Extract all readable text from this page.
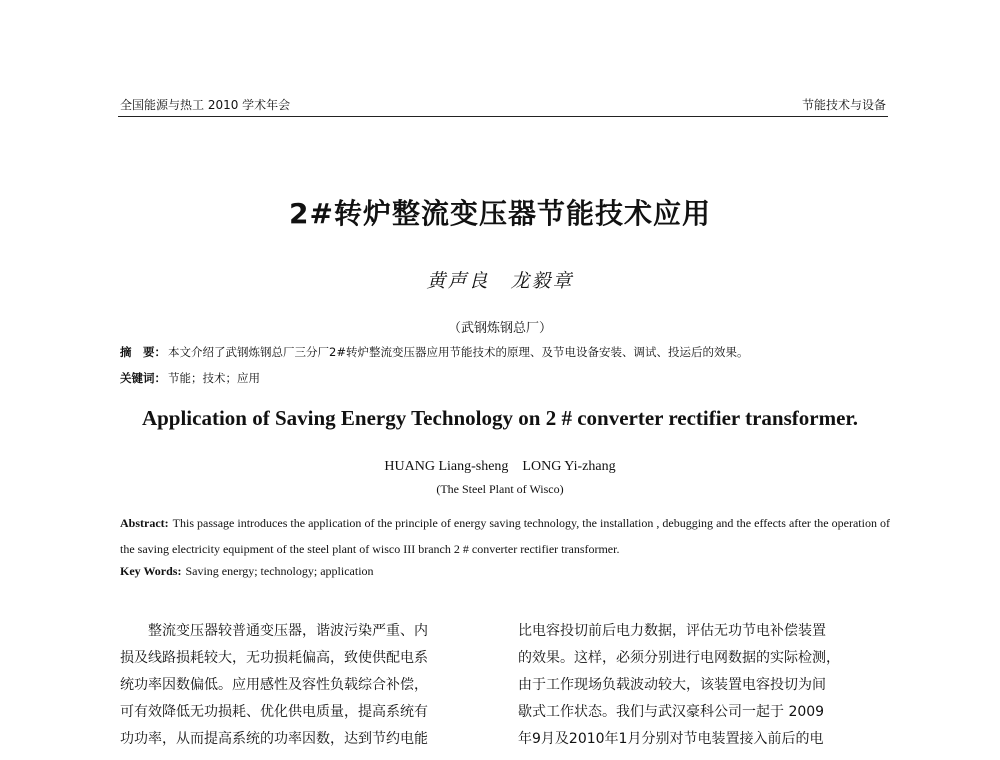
全国能源与热工 2010 学术年会	节能技术与设备
2#转炉整流变压器节能技术应用
黄声良　龙毅章
（武钢炼钢总厂）
摘　要： 本文介绍了武钢炼钢总厂三分厂2#转炉整流变压器应用节能技术的原理、及节电设备安装、调试、投运后的效果。
关键词： 节能；技术；应用
Application of Saving Energy Technology on 2 # converter rectifier transformer.
HUANG Liang-sheng　LONG Yi-zhang
(The Steel Plant of Wisco)
Abstract: This passage introduces the application of the principle of energy saving technology, the installation , debugging and the effects after the operation of the saving electricity equipment of the steel plant of wisco III branch 2 # converter rectifier transformer.
Key Words: Saving energy; technology; application

　　整流变压器较普通变压器，谐波污染严重、内
损及线路损耗较大，无功损耗偏高，致使供配电系
统功率因数偏低。应用感性及容性负载综合补偿，
可有效降低无功损耗、优化供电质量，提高系统有
功功率，从而提高系统的功率因数，达到节约电能

比电容投切前后电力数据，评估无功节电补偿装置
的效果。这样，必须分别进行电网数据的实际检测，
由于工作现场负载波动较大，该装置电容投切为间
歇式工作状态。我们与武汉豪科公司一起于 2009
年9月及2010年1月分别对节电装置接入前后的电
